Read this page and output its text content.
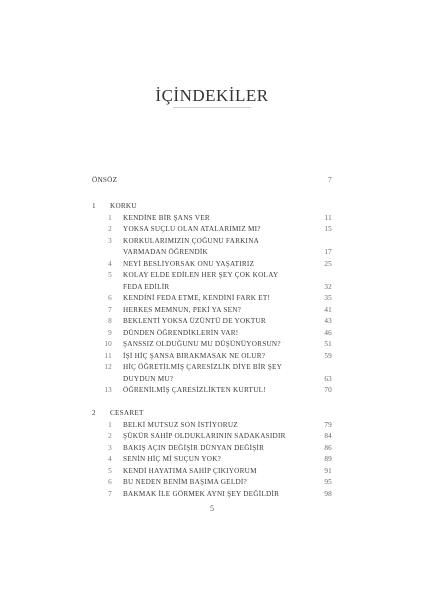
İÇİNDEKİLER
ÖNSÖZ	7
1 KORKU
1 KENDİNE BİR ŞANS VER	11
2 YOKSA SUÇLU OLAN ATALARIMIZ MI?	15
3 KORKULARIMIZIN ÇOĞUNU FARKINA
VARMADAN ÖĞRENDİK	17
4 NEYİ BESLİYORSAK ONU YAŞATIRIZ	25
5 KOLAY ELDE EDİLEN HER ŞEY ÇOK KOLAY
FEDA EDİLİR	32
6 KENDİNİ FEDA ETME, KENDİNİ FARK ET!	35
7 HERKES MEMNUN, PEKİ YA SEN?	41
8 BEKLENTİ YOKSA ÜZÜNTÜ DE YOKTUR	43
9 DÜNDEN ÖĞRENDİKLERİN VAR!	46
10 ŞANSSIZ OLDUĞUNU MU DÜŞÜNÜYORSUN?	51
11 İŞİ HİÇ ŞANSA BIRAKMASAK NE OLUR?	59
12 HİÇ ÖĞRETİLMİŞ ÇARESİZLİK DİYE BİR ŞEY
DUYDUN MU?	63
13 ÖĞRENİLMİŞ ÇARESİZLİKTEN KURTUL!	70
2 CESARET
1 BELKİ MUTSUZ SON İSTİYORUZ	79
2 ŞÜKÜR SAHİP OLDUKLARININ SADAKASIDIR	84
3 BAKIŞ AÇIN DEĞİŞİR DÜNYAN DEĞİŞİR	86
4 SENİN HİÇ Mİ SUÇUN YOK?	89
5 KENDİ HAYATIMA SAHİP ÇIKIYORUM	91
6 BU NEDEN BENİM BAŞIMA GELDİ?	95
7 BAKMAK İLE GÖRMEK AYNI ŞEY DEĞİLDİR	98
5
